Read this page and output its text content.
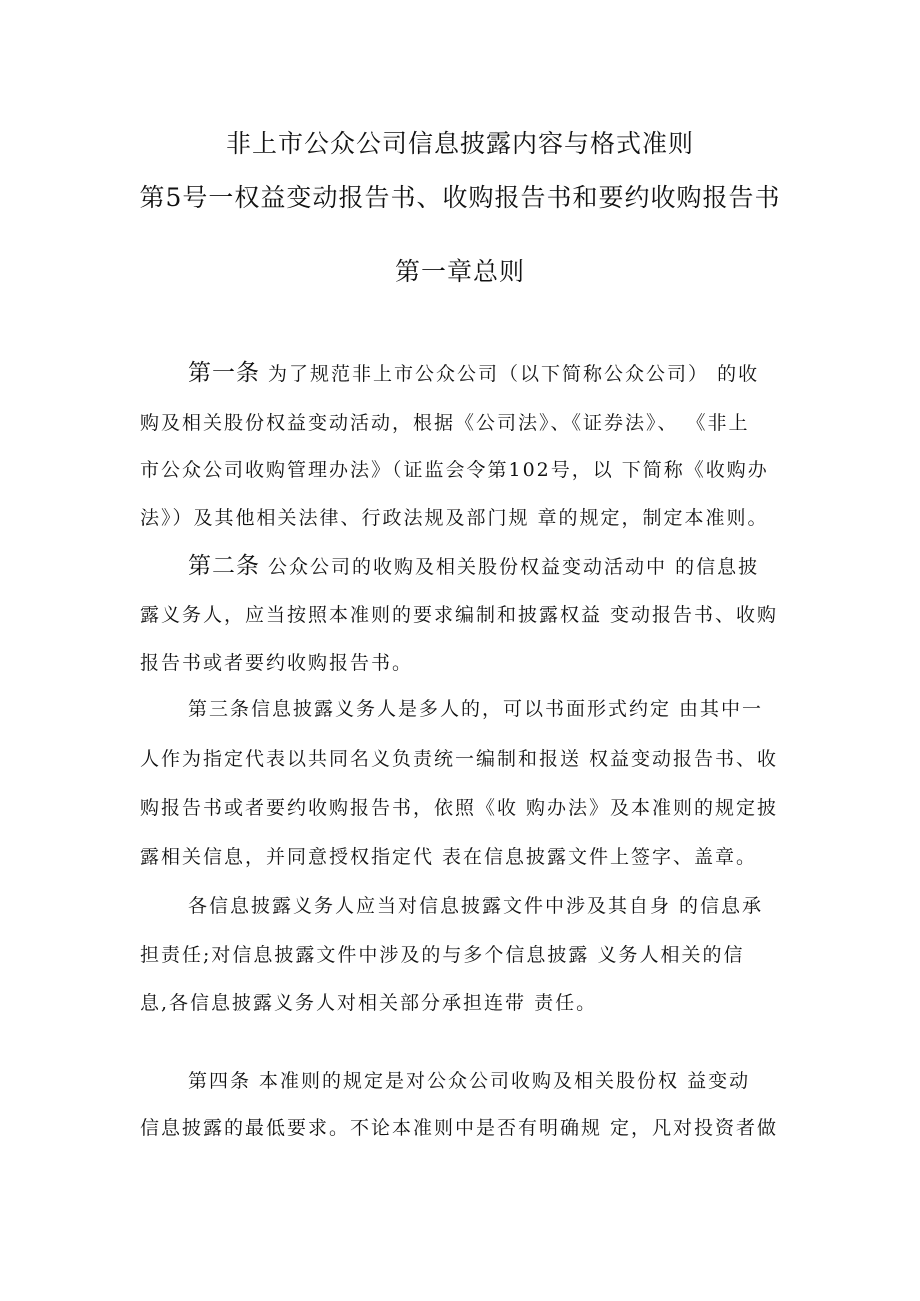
非上市公众公司信息披露内容与格式准则
第5号一权益变动报告书、收购报告书和要约收购报告书
第一章总则
第一条 为了规范非上市公众公司（以下简称公众公司） 的收
购及相关股份权益变动活动，根据《公司法》、《证券法》、 《非上
市公众公司收购管理办法》（证监会令第102号，以 下简称《收购办
法》）及其他相关法律、行政法规及部门规 章的规定，制定本准则。
第二条 公众公司的收购及相关股份权益变动活动中 的信息披
露义务人，应当按照本准则的要求编制和披露权益 变动报告书、收购
报告书或者要约收购报告书。
第三条信息披露义务人是多人的，可以书面形式约定 由其中一
人作为指定代表以共同名义负责统一编制和报送 权益变动报告书、收
购报告书或者要约收购报告书，依照《收 购办法》及本准则的规定披
露相关信息，并同意授权指定代 表在信息披露文件上签字、盖章。
各信息披露义务人应当对信息披露文件中涉及其自身 的信息承
担责任;对信息披露文件中涉及的与多个信息披露 义务人相关的信
息,各信息披露义务人对相关部分承担连带 责任。
第四条 本准则的规定是对公众公司收购及相关股份权 益变动
信息披露的最低要求。不论本准则中是否有明确规 定，凡对投资者做
